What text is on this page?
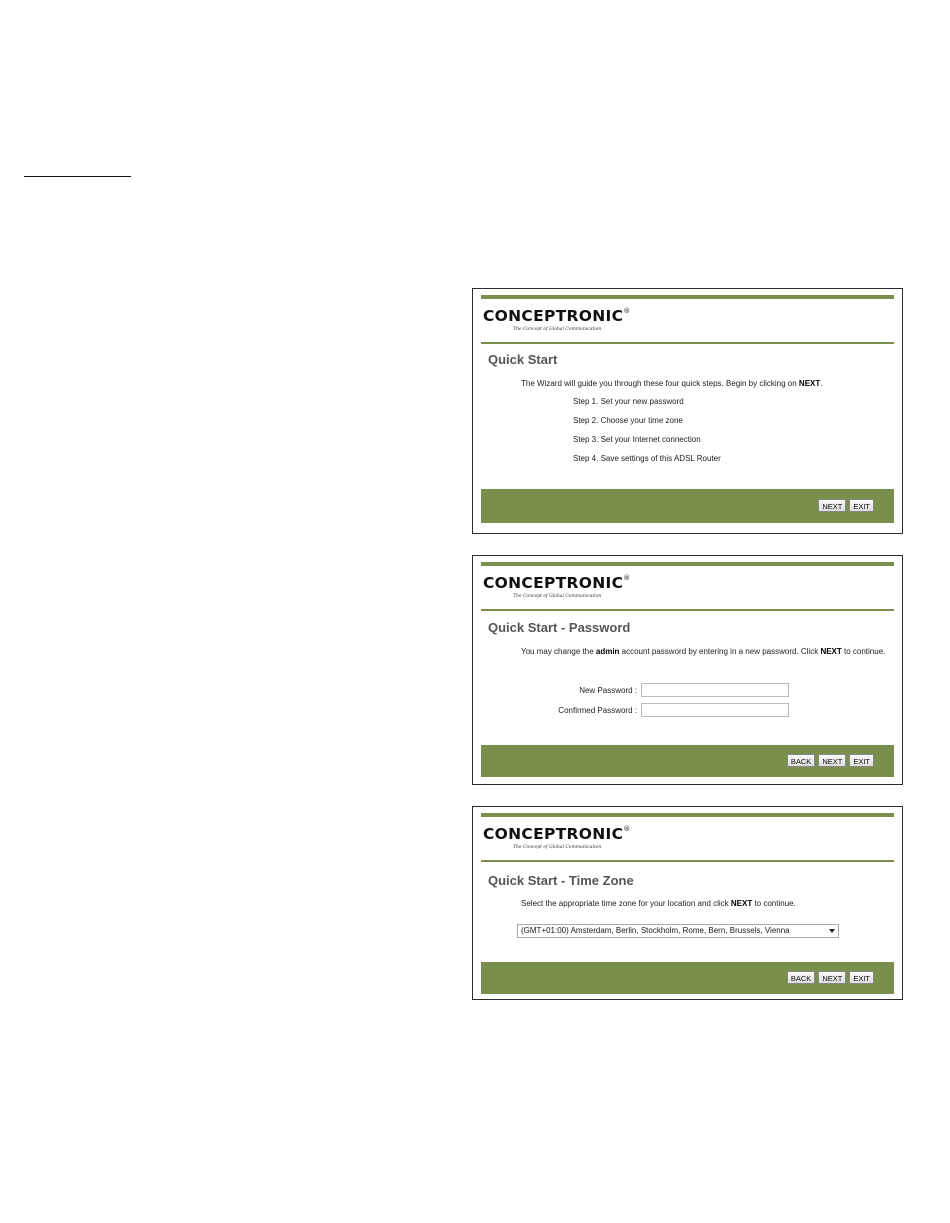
CONCEPTRONIC®
The Concept of Global Communication
Quick Start
The Wizard will guide you through these four quick steps. Begin by clicking on NEXT.
Step 1. Set your new password
Step 2. Choose your time zone
Step 3. Set your Internet connection
Step 4. Save settings of this ADSL Router
NEXT	EXIT
CONCEPTRONIC®
The Concept of Global Communication
Quick Start - Password
You may change the admin account password by entering in a new password. Click NEXT to continue.
New Password :
Confirmed Password :
BACK	NEXT	EXIT
CONCEPTRONIC®
The Concept of Global Communication
Quick Start - Time Zone
Select the appropriate time zone for your location and click NEXT to continue.
(GMT+01:00) Amsterdam, Berlin, Stockholm, Rome, Bern, Brussels, Vienna
BACK	NEXT	EXIT
